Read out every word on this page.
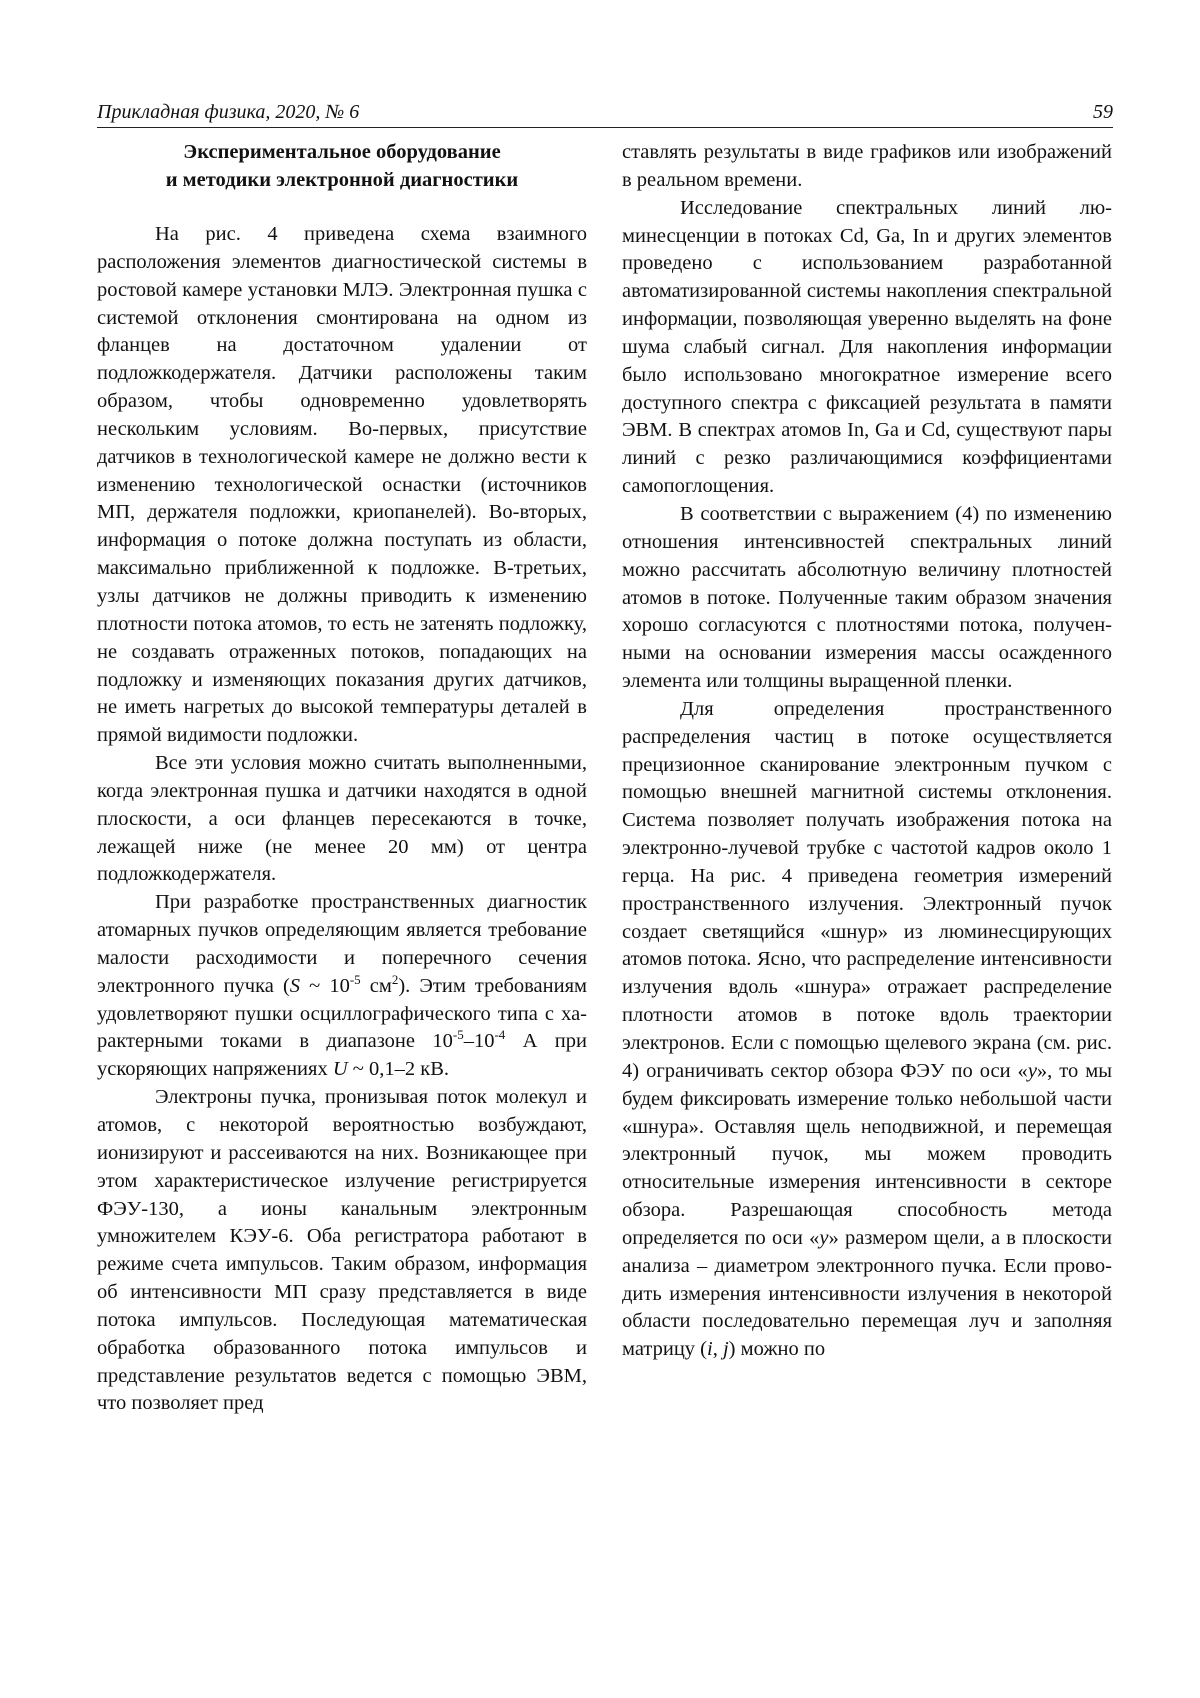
Прикладная физика, 2020, № 6	59
Экспериментальное оборудование
и методики электронной диагностики

На рис. 4 приведена схема взаимного расположения элементов диагностической системы в ростовой камере установки МЛЭ. Электронная пушка с системой отклонения смонтирована на одном из фланцев на достаточном удалении от подложкодержателя. Датчики расположены таким образом, чтобы одновременно удовлетворять нескольким условиям. Во-первых, присутствие датчиков в технологической камере не должно вести к изменению технологической оснастки (источников МП, держателя подложки, криопанелей). Во-вторых, информация о потоке должна поступать из области, максимально приближенной к подложке. В-третьих, узлы датчиков не должны приводить к изменению плотности потока атомов, то есть не затенять подложку, не создавать отраженных потоков, попадающих на подложку и изменяющих показания других датчиков, не иметь нагретых до высокой температуры деталей в прямой видимости подложки.

Все эти условия можно считать выполненными, когда электронная пушка и датчики находятся в одной плоскости, а оси фланцев пересекаются в точке, лежащей ниже (не менее 20 мм) от центра подложкодержателя.

При разработке пространственных диагностик атомарных пучков определяющим является требование малости расходимости и поперечного сечения электронного пучка (S ~ $10^{-5}$ $см^2$). Этим требованиям удовлетворяют пушки осциллографического типа с характерными токами в диапазоне $10^{-5}-10^{-4}$ А при ускоряющих напряжениях U ~ 0,1–2 кВ.

Электроны пучка, пронизывая поток молекул и атомов, с некоторой вероятностью возбуждают, ионизируют и рассеиваются на них. Возникающее при этом характеристическое излучение регистрируется ФЭУ-130, а ионы канальным электронным умножителем КЭУ-6. Оба регистратора работают в режиме счета импульсов. Таким образом, информация об интенсивности МП сразу представляется в виде потока импульсов. Последующая математическая обработка образованного потока импульсов и представление результатов ведется с помощью ЭВМ, что позволяет пред

ставлять результаты в виде графиков или изображений в реальном времени.

Исследование спектральных линий люминесценции в потоках Cd, Ga, In и других элементов проведено с использованием разработанной автоматизированной системы накопления спектральной информации, позволяющая уверенно выделять на фоне шума слабый сигнал. Для накопления информации было использовано многократное измерение всего доступного спектра с фиксацией результата в памяти ЭВМ. В спектрах атомов In, Ga и Cd, существуют пары линий с резко различающимися коэффициентами самопоглощения.

В соответствии с выражением (4) по изменению отношения интенсивностей спектральных линий можно рассчитать абсолютную величину плотностей атомов в потоке. Полученные таким образом значения хорошо согласуются с плотностями потока, полученными на основании измерения массы осажденного элемента или толщины выращенной пленки.

Для определения пространственного распределения частиц в потоке осуществляется прецизионное сканирование электронным пучком с помощью внешней магнитной системы отклонения. Система позволяет получать изображения потока на электронно-лучевой трубке с частотой кадров около 1 герца. На рис. 4 приведена геометрия измерений пространственного излучения. Электронный пучок создает светящийся «шнур» из люминесцирующих атомов потока. Ясно, что распределение интенсивности излучения вдоль «шнура» отражает распределение плотности атомов в потоке вдоль траектории электронов. Если с помощью щелевого экрана (см. рис. 4) ограничивать сектор обзора ФЭУ по оси «y», то мы будем фиксировать измерение только небольшой части «шнура». Оставляя щель неподвижной, и перемещая электронный пучок, мы можем проводить относительные измерения интенсивности в секторе обзора. Разрешающая способность метода определяется по оси «y» размером щели, а в плоскости анализа – диаметром электронного пучка. Если проводить измерения интенсивности излучения в некоторой области последовательно перемещая луч и заполняя матрицу (i, j) можно по
